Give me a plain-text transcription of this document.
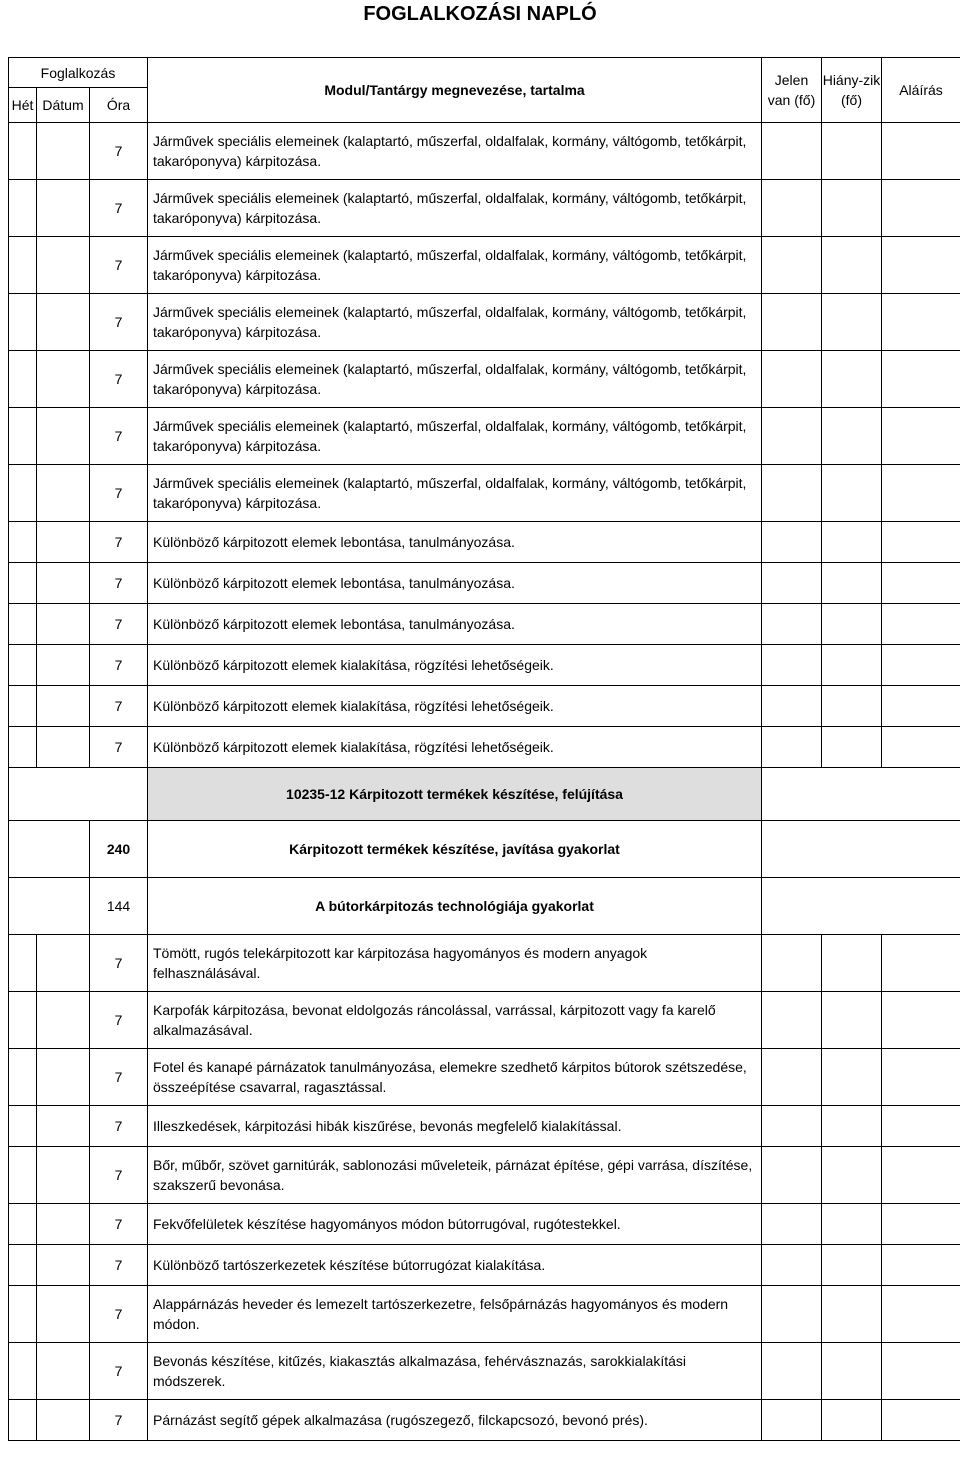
FOGLALKOZÁSI NAPLÓ
Foglalkozás			Modul/Tantárgy megnevezése, tartalma	Jelen van (fő)	Hiány-zik (fő)	Aláírás
Hét	Dátum	Óra				
		7	Járművek speciális elemeinek (kalaptartó, műszerfal, oldalfalak, kormány, váltógomb, tetőkárpit, takaróponyva) kárpitozása.			
		7	Járművek speciális elemeinek (kalaptartó, műszerfal, oldalfalak, kormány, váltógomb, tetőkárpit, takaróponyva) kárpitozása.			
		7	Járművek speciális elemeinek (kalaptartó, műszerfal, oldalfalak, kormány, váltógomb, tetőkárpit, takaróponyva) kárpitozása.			
		7	Járművek speciális elemeinek (kalaptartó, műszerfal, oldalfalak, kormány, váltógomb, tetőkárpit, takaróponyva) kárpitozása.			
		7	Járművek speciális elemeinek (kalaptartó, műszerfal, oldalfalak, kormány, váltógomb, tetőkárpit, takaróponyva) kárpitozása.			
		7	Járművek speciális elemeinek (kalaptartó, műszerfal, oldalfalak, kormány, váltógomb, tetőkárpit, takaróponyva) kárpitozása.			
		7	Járművek speciális elemeinek (kalaptartó, műszerfal, oldalfalak, kormány, váltógomb, tetőkárpit, takaróponyva) kárpitozása.			
		7	Különböző kárpitozott elemek lebontása, tanulmányozása.			
		7	Különböző kárpitozott elemek lebontása, tanulmányozása.			
		7	Különböző kárpitozott elemek lebontása, tanulmányozása.			
		7	Különböző kárpitozott elemek kialakítása, rögzítési lehetőségeik.			
		7	Különböző kárpitozott elemek kialakítása, rögzítési lehetőségeik.			
		7	Különböző kárpitozott elemek kialakítása, rögzítési lehetőségeik.			
			10235-12 Kárpitozott termékek készítése, felújítása			
		240	Kárpitozott termékek készítése, javítása gyakorlat			
		144	A bútorkárpitozás technológiája gyakorlat			
		7	Tömött, rugós telekárpitozott kar kárpitozása hagyományos és modern anyagok felhasználásával.			
		7	Karpofák kárpitozása, bevonat eldolgozás ráncolással, varrással, kárpitozott vagy fa karelő alkalmazásával.			
		7	Fotel és kanapé párnázatok tanulmányozása, elemekre szedhető kárpitos bútorok szétszedése, összeépítése csavarral, ragasztással.			
		7	Illeszkedések, kárpitozási hibák kiszűrése, bevonás megfelelő kialakítással.			
		7	Bőr, műbőr, szövet garnitúrák, sablonozási műveleteik, párnázat építése, gépi varrása, díszítése, szakszerű bevonása.			
		7	Fekvőfelületek készítése hagyományos módon bútorrugóval, rugótestekkel.			
		7	Különböző tartószerkezetek készítése bútorrugózat kialakítása.			
		7	Alappárnázás heveder és lemezelt tartószerkezetre, felsőpárnázás hagyományos és modern módon.			
		7	Bevonás készítése, kitűzés, kiakasztás alkalmazása, fehérvásznazás, sarokkialakítási módszerek.			
		7	Párnázást segítő gépek alkalmazása (rugószegező, filckapcsozó, bevonó prés).			
